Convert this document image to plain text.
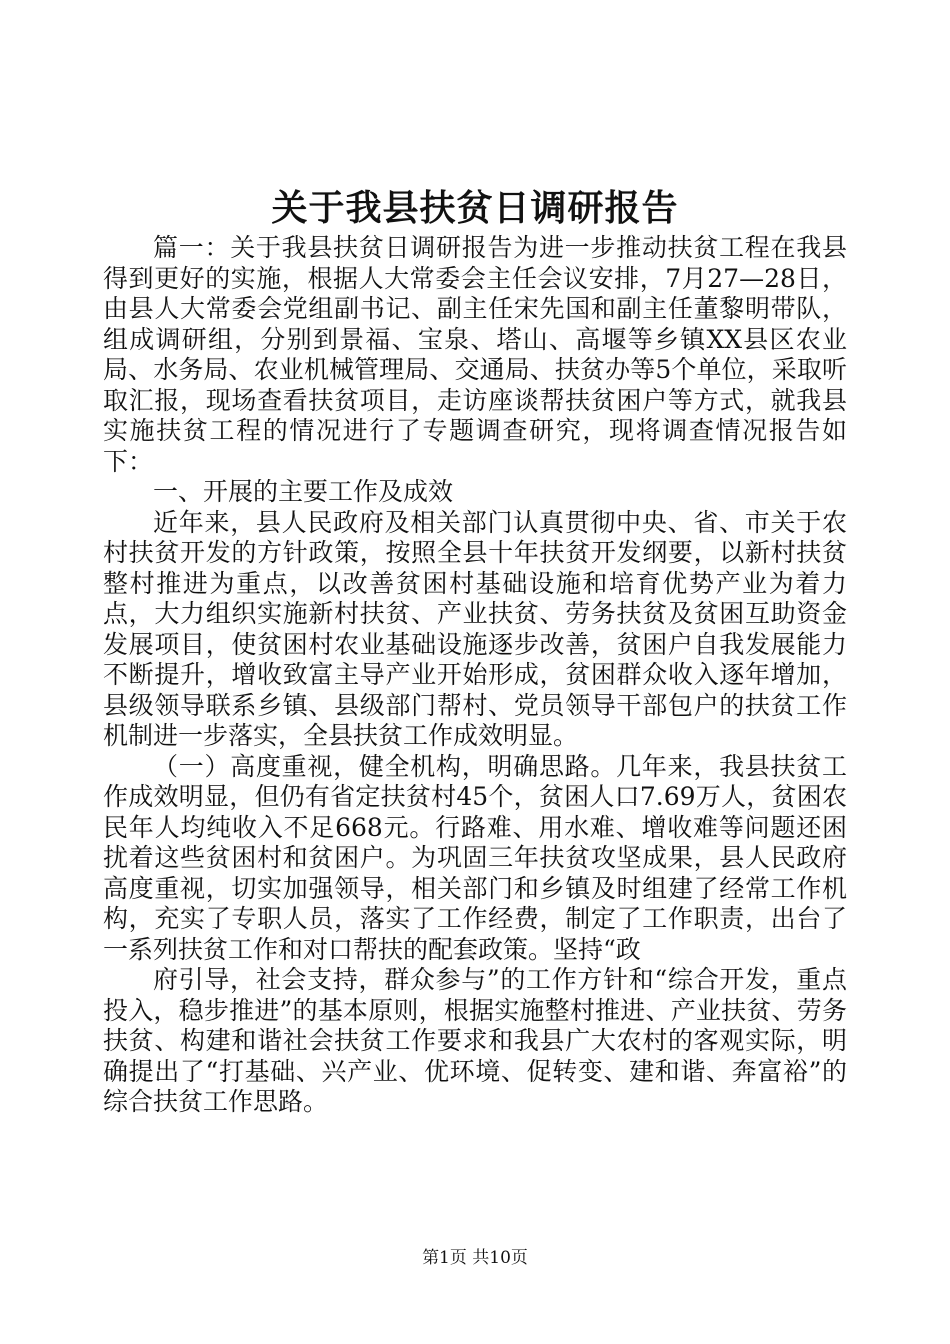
关于我县扶贫日调研报告

篇一：关于我县扶贫日调研报告为进一步推动扶贫工程在我县得到更好的实施，根据人大常委会主任会议安排，7月27—28日，由县人大常委会党组副书记、副主任宋先国和副主任董黎明带队，组成调研组，分别到景福、宝泉、塔山、高堰等乡镇XX县区农业局、水务局、农业机械管理局、交通局、扶贫办等5个单位，采取听取汇报，现场查看扶贫项目，走访座谈帮扶贫困户等方式，就我县实施扶贫工程的情况进行了专题调查研究，现将调查情况报告如下：

一、开展的主要工作及成效

近年来，县人民政府及相关部门认真贯彻中央、省、市关于农村扶贫开发的方针政策，按照全县十年扶贫开发纲要，以新村扶贫整村推进为重点，以改善贫困村基础设施和培育优势产业为着力点，大力组织实施新村扶贫、产业扶贫、劳务扶贫及贫困互助资金发展项目，使贫困村农业基础设施逐步改善，贫困户自我发展能力不断提升，增收致富主导产业开始形成，贫困群众收入逐年增加，县级领导联系乡镇、县级部门帮村、党员领导干部包户的扶贫工作机制进一步落实，全县扶贫工作成效明显。

（一）高度重视，健全机构，明确思路。几年来，我县扶贫工作成效明显，但仍有省定扶贫村45个，贫困人口7.69万人，贫困农民年人均纯收入不足668元。行路难、用水难、增收难等问题还困扰着这些贫困村和贫困户。为巩固三年扶贫攻坚成果，县人民政府高度重视，切实加强领导，相关部门和乡镇及时组建了经常工作机构，充实了专职人员，落实了工作经费，制定了工作职责，出台了一系列扶贫工作和对口帮扶的配套政策。坚持“政

府引导，社会支持，群众参与”的工作方针和“综合开发，重点投入，稳步推进”的基本原则，根据实施整村推进、产业扶贫、劳务扶贫、构建和谐社会扶贫工作要求和我县广大农村的客观实际，明确提出了“打基础、兴产业、优环境、促转变、建和谐、奔富裕”的综合扶贫工作思路。

第1页 共10页
